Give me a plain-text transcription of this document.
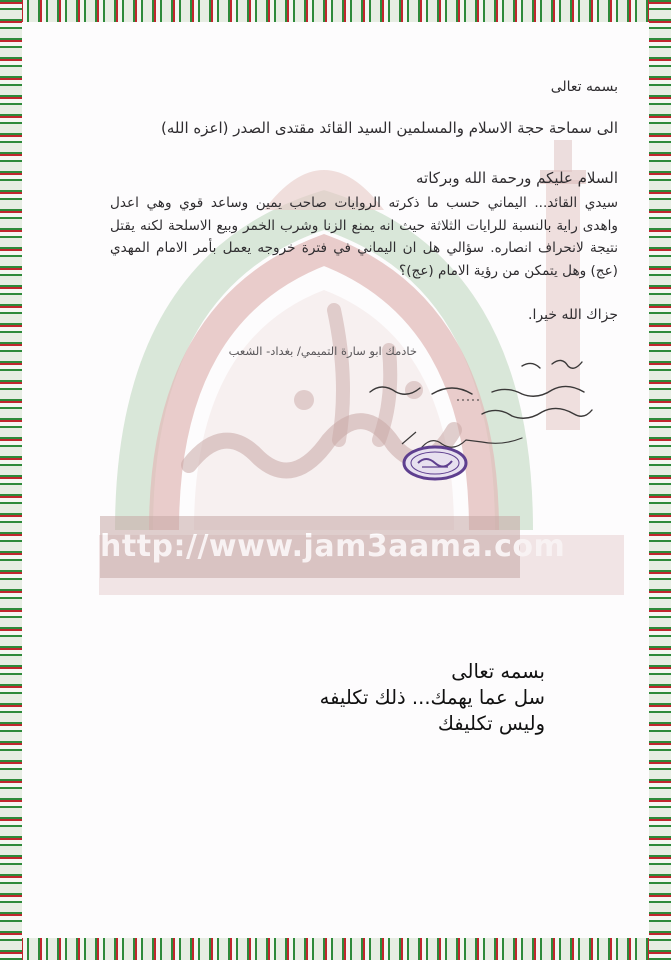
http://www.jam3aama.com
بسمه تعالى
الى سماحة حجة الاسلام والمسلمين السيد القائد مقتدى الصدر (اعزه الله)
السلام عليكم ورحمة الله وبركاته
سيدي القائد... اليماني حسب ما ذكرته الروايات صاحب يمين وساعد قوي وهي اعدل واهدى راية بالنسبة للرايات الثلاثة حيث انه يمنع الزنا وشرب الخمر وبيع الاسلحة لكنه يقتل نتيجة لانحراف انصاره. سؤالي هل ان اليماني في فترة خروجه يعمل بأمر الامام المهدي (عج) وهل يتمكن من رؤية الامام (عج)؟
جزاك الله خيرا.
خادمك ابو سارة التميمي/ بغداد- الشعب
بسمه تعالى
سل عما يهمك... ذلك تكليفه
وليس تكليفك
